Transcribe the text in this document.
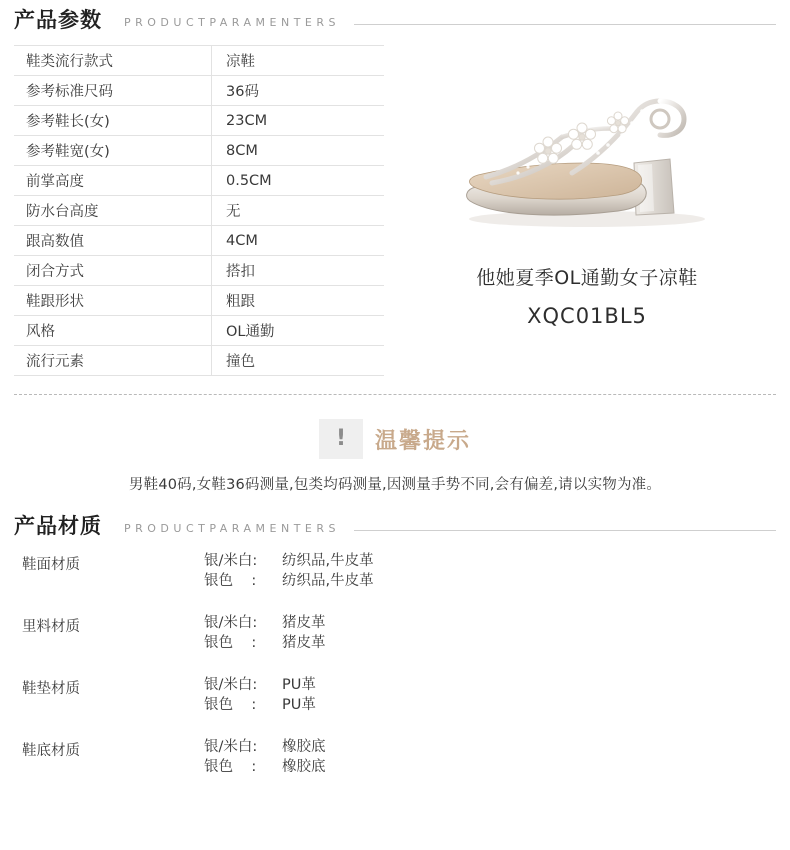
产品参数 PRODUCTPARAMENTERS
鞋类流行款式	凉鞋
参考标准尺码	36码
参考鞋长(女)	23CM
参考鞋宽(女)	8CM
前掌高度	0.5CM
防水台高度	无
跟高数值	4CM
闭合方式	搭扣
鞋跟形状	粗跟
风格	OL通勤
流行元素	撞色
他她夏季OL通勤女子凉鞋
XQC01BL5
!	温馨提示
男鞋40码,女鞋36码测量,包类均码测量,因测量手势不同,会有偏差,请以实物为准。
产品材质 PRODUCTPARAMENTERS
鞋面材质	银/米白:	纺织品,牛皮革
银色    :	纺织品,牛皮革
里料材质	银/米白:	猪皮革
银色    :	猪皮革
鞋垫材质	银/米白:	PU革
银色    :	PU革
鞋底材质	银/米白:	橡胶底
银色    :	橡胶底
